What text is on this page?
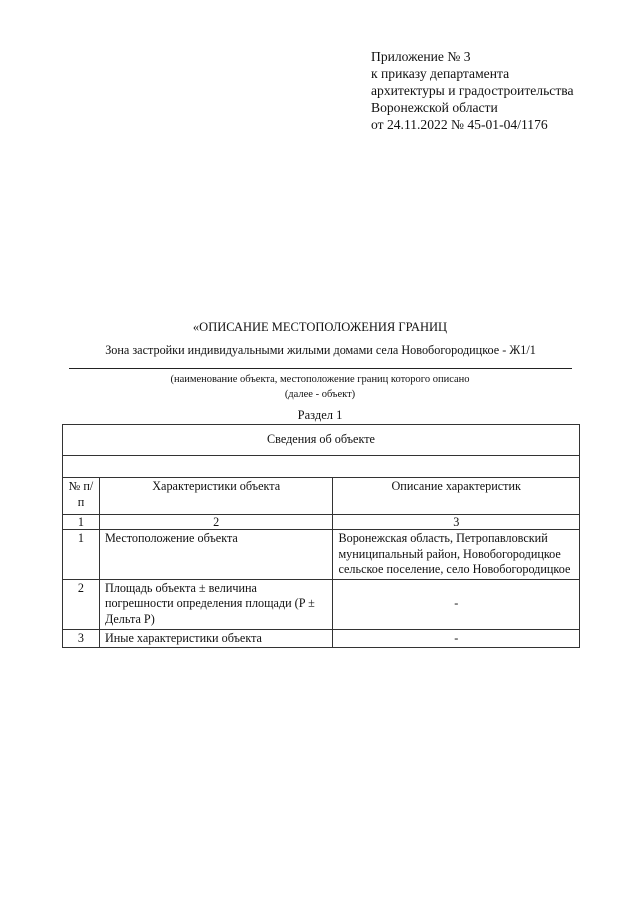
Приложение № 3
к приказу департамента
архитектуры и градостроительства
Воронежской области
от 24.11.2022 № 45-01-04/1176
«ОПИСАНИЕ МЕСТОПОЛОЖЕНИЯ ГРАНИЦ
Зона застройки индивидуальными жилыми домами села Новобогородицкое - Ж1/1
(наименование объекта, местоположение границ которого описано
(далее - объект)
Раздел 1
Сведения об объекте		

№ п/п	Характеристики объекта	Описание характеристик
1	2	3
1	Местоположение объекта	Воронежская область, Петропавловский муниципальный район, Новобогородицкое сельское поселение, село Новобогородицкое
2	Площадь объекта ± величина погрешности определения площади (P ± Дельта P)	-
3	Иные характеристики объекта	-
